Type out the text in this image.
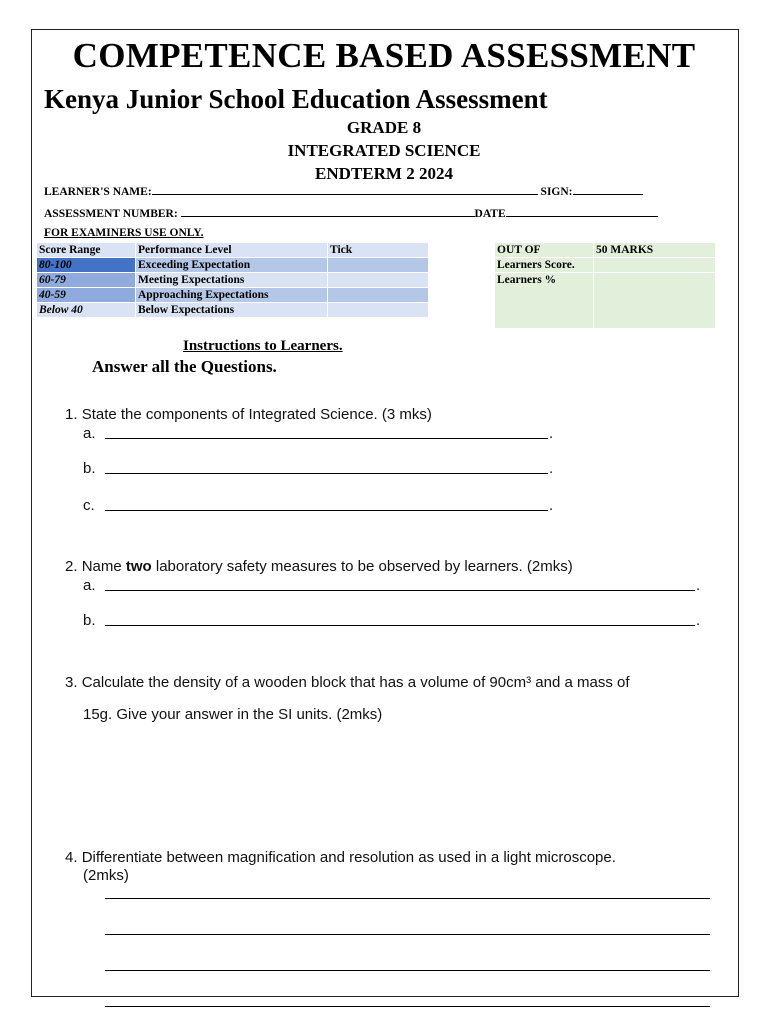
COMPETENCE BASED ASSESSMENT
Kenya Junior School Education Assessment
GRADE 8
INTEGRATED SCIENCE
ENDTERM 2 2024
LEARNER'S NAME:	SIGN:
ASSESSMENT NUMBER:	DATE
FOR EXAMINERS USE ONLY.
Score Range	Performance Level	Tick
80-100	Exceeding Expectation	
60-79	Meeting Expectations	
40-59	Approaching Expectations	
Below 40	Below Expectations	
OUT OF	50 MARKS
Learners Score.	
Learners %	
Instructions to Learners.
Answer all the Questions.
1. State the components of Integrated Science. (3 mks)
a.	.
b.	.
c.	.
2. Name two laboratory safety measures to be observed by learners. (2mks)
a.	.
b.	.
3. Calculate the density of a wooden block that has a volume of 90cm³ and a mass of
15g. Give your answer in the SI units. (2mks)
4. Differentiate between magnification and resolution as used in a light microscope.
(2mks)
